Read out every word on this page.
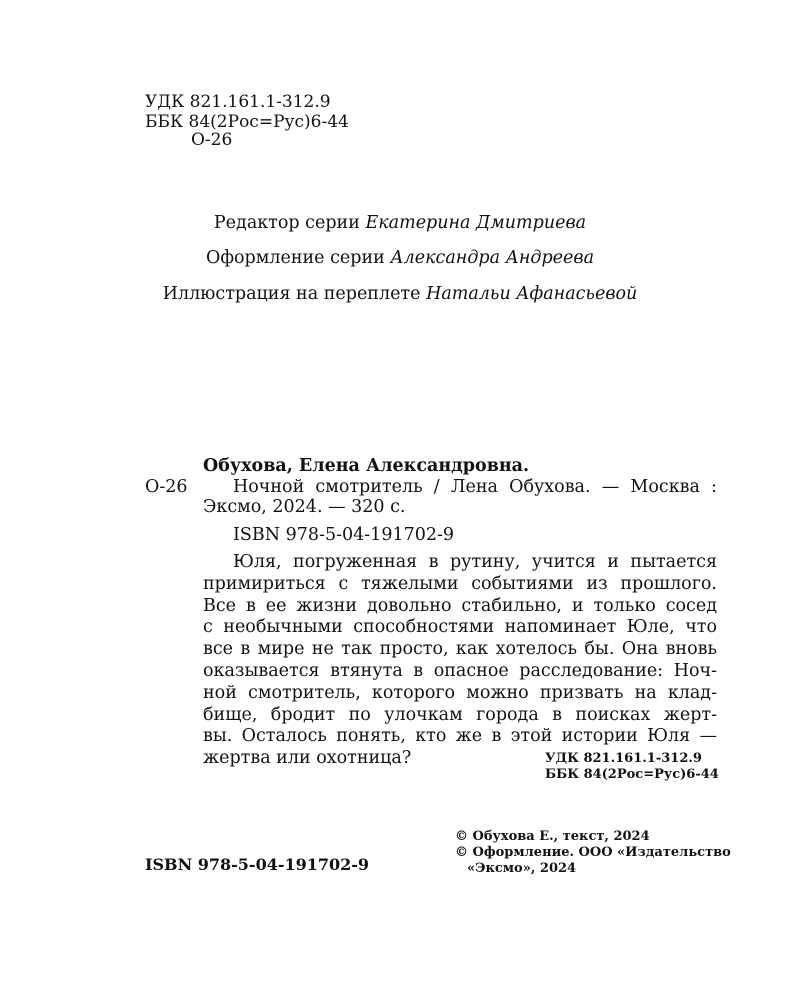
УДК 821.161.1-312.9
ББК 84(2Рос=Рус)6-44
О-26
Редактор серии Екатерина Дмитриева
Оформление серии Александра Андреева
Иллюстрация на переплете Натальи Афанасьевой
Обухова, Елена Александровна.
О-26	Ночной смотритель / Лена Обухова. — Москва :
Эксмо, 2024. — 320 с.
ISBN 978-5-04-191702-9
Юля, погруженная в рутину, учится и пытается
примириться с тяжелыми событиями из прошлого.
Все в ее жизни довольно стабильно, и только сосед
с необычными способностями напоминает Юле, что
все в мире не так просто, как хотелось бы. Она вновь
оказывается втянута в опасное расследование: Ноч-
ной смотритель, которого можно призвать на клад-
бище, бродит по улочкам города в поисках жерт-
вы. Осталось понять, кто же в этой истории Юля —
жертва или охотница?	УДК 821.161.1-312.9
ББК 84(2Рос=Рус)6-44
ISBN 978-5-04-191702-9
© Обухова Е., текст, 2024
© Оформление. ООО «Издательство
«Эксмо», 2024
